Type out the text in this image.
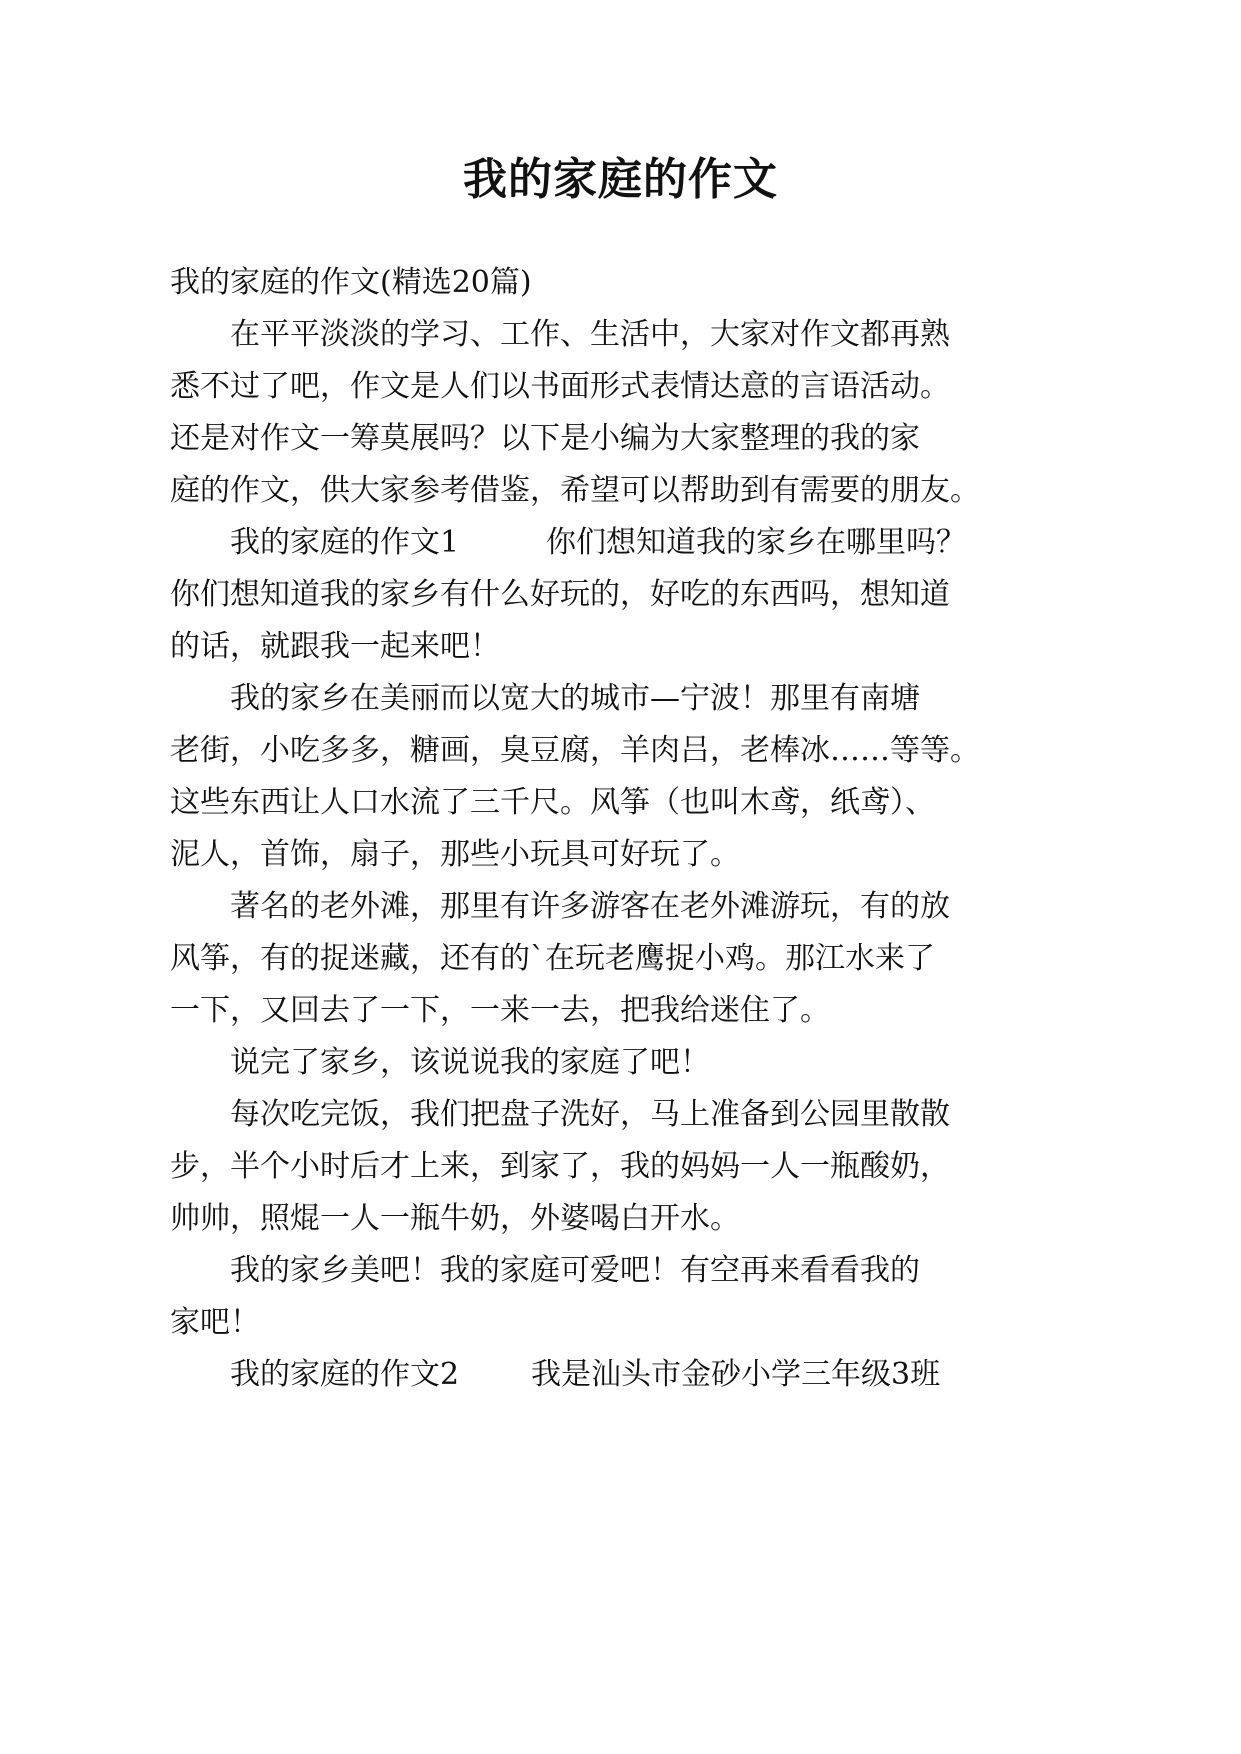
我的家庭的作文
我的家庭的作文(精选20篇)
在平平淡淡的学习、工作、生活中，大家对作文都再熟
悉不过了吧，作文是人们以书面形式表情达意的言语活动。
还是对作文一筹莫展吗？以下是小编为大家整理的我的家
庭的作文，供大家参考借鉴，希望可以帮助到有需要的朋友。
我的家庭的作文1	你们想知道我的家乡在哪里吗？
你们想知道我的家乡有什么好玩的，好吃的东西吗，想知道
的话，就跟我一起来吧！
我的家乡在美丽而以宽大的城市—宁波！那里有南塘
老街，小吃多多，糖画，臭豆腐，羊肉吕，老棒冰……等等。
这些东西让人口水流了三千尺。风筝（也叫木鸢，纸鸢）、
泥人，首饰，扇子，那些小玩具可好玩了。
著名的老外滩，那里有许多游客在老外滩游玩，有的放
风筝，有的捉迷藏，还有的`在玩老鹰捉小鸡。那江水来了
一下，又回去了一下，一来一去，把我给迷住了。
说完了家乡，该说说我的家庭了吧！
每次吃完饭，我们把盘子洗好，马上准备到公园里散散
步，半个小时后才上来，到家了，我的妈妈一人一瓶酸奶，
帅帅，照焜一人一瓶牛奶，外婆喝白开水。
我的家乡美吧！我的家庭可爱吧！有空再来看看我的
家吧！
我的家庭的作文2 我是汕头市金砂小学三年级3班
